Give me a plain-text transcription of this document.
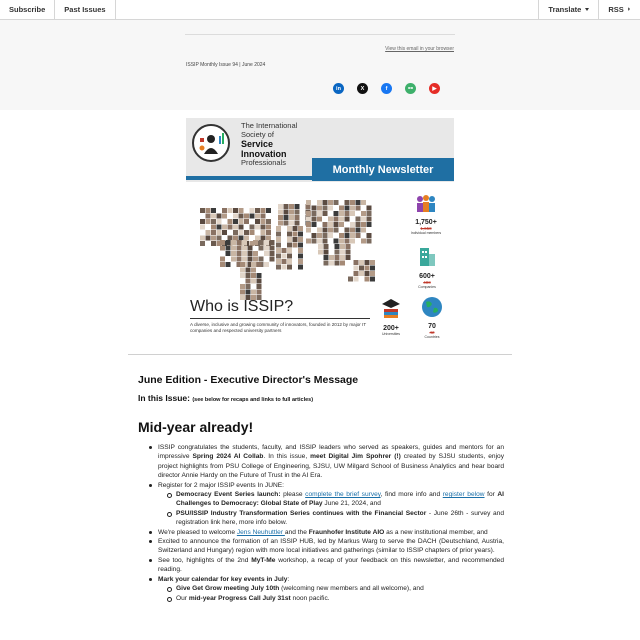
Subscribe	Past Issues	Translate	RSS ◗
View this email in your browser
ISSIP Monthly Issue 94 | June 2024
in	X	f	⚯	▶
The International
Society of
Service
Innovation
Professionals
Monthly Newsletter
Who is ISSIP?
A diverse, inclusive and growing community of innovators, founded in 2012 by major IT companies and respected university partners
1,750+
1,650
Individual members
600+
400
Companies
200+
Universities
70
42
Countries
June Edition - Executive Director's Message
In this Issue: (see below for recaps and links to full articles)
Mid-year already!
ISSIP congratulates the students, faculty, and ISSIP leaders who served as speakers, guides and mentors for an impressive Spring 2024 AI Collab. In this issue, meet Digital Jim Spohrer (!) created by SJSU students, enjoy project highlights from PSU College of Engineering, SJSU, UW Milgard School of Business Analytics and hear board director Annie Hardy on the Future of Trust in the AI Era.
Register for 2 major ISSIP events In JUNE:
Democracy Event Series launch: please complete the brief survey, find more info and register below for AI Challenges to Democracy: Global State of Play June 21, 2024, and
PSU/ISSIP Industry Transformation Series continues with the Financial Sector - June 26th - survey and registration link here, more info below.
We're pleased to welcome Jens Neuhuttler and the Fraunhofer Institute AIO as a new institutional member, and
Excited to announce the formation of an ISSIP HUB, led by Markus Warg to serve the DACH (Deutschland, Austria, Switzerland and Hungary) region with more local initiatives and gatherings (similar to ISSIP chapters of prior years).
See too, highlights of the 2nd MyT-Me workshop, a recap of your feedback on this newsletter, and recommended reading.
Mark your calendar for key events in July:
Give Get Grow meeting July 10th (welcoming new members and all welcome), and
Our mid-year Progress Call July 31st noon pacific.
